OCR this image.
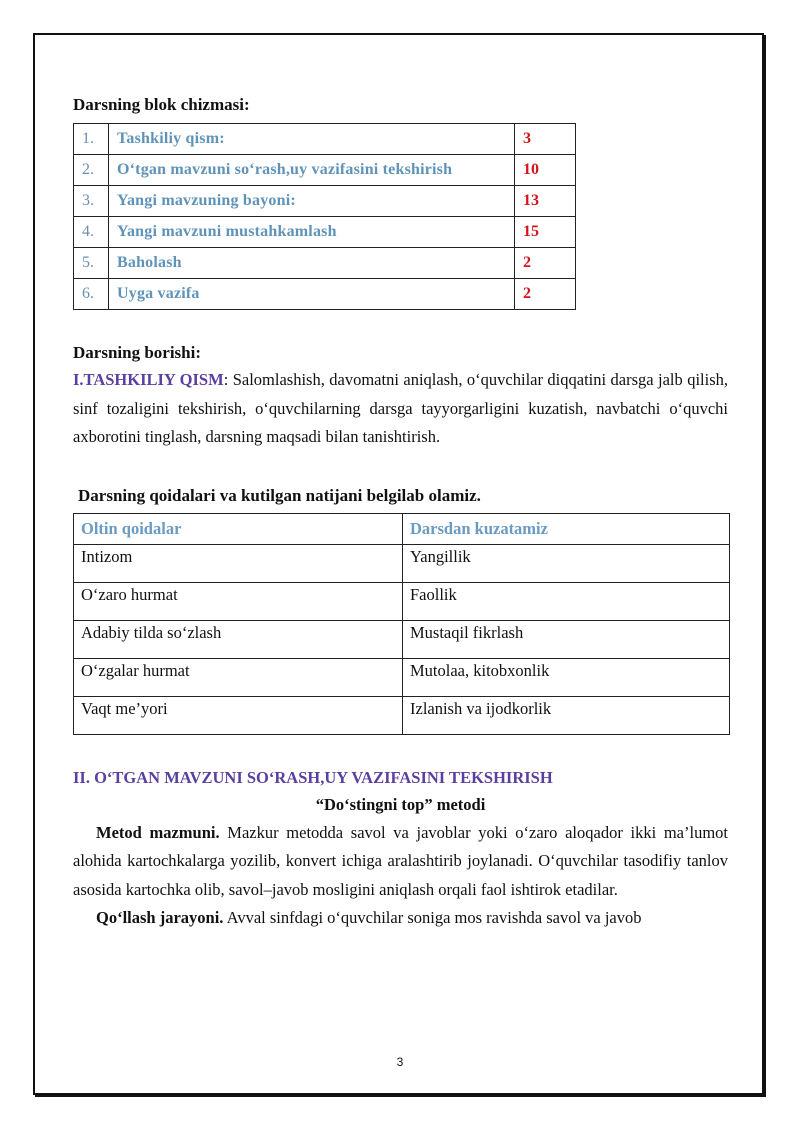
Darsning blok chizmasi:
1.	Tashkiliy qism:	3
2.	O‘tgan mavzuni so‘rash,uy vazifasini tekshirish	10
3.	Yangi mavzuning bayoni:	13
4.	Yangi mavzuni mustahkamlash	15
5.	Baholash	2
6.	Uyga vazifa	2
Darsning borishi:
I.TASHKILIY QISM: Salomlashish, davomatni aniqlash, o‘quvchilar diqqatini darsga jalb qilish, sinf tozaligini tekshirish, o‘quvchilarning darsga tayyorgarligini kuzatish, navbatchi o‘quvchi axborotini tinglash, darsning maqsadi bilan tanishtirish.
Darsning qoidalari va kutilgan natijani belgilab olamiz.
Oltin qoidalar	Darsdan kuzatamiz
Intizom	Yangillik
O‘zaro hurmat	Faollik
Adabiy tilda so‘zlash	Mustaqil fikrlash
O‘zgalar hurmat	Mutolaa, kitobxonlik
Vaqt me’yori	Izlanish va ijodkorlik
II. O‘TGAN MAVZUNI SO‘RASH,UY VAZIFASINI TEKSHIRISH
“Do‘stingni top” metodi
Metod mazmuni. Mazkur metodda savol va javoblar yoki o‘zaro aloqador ikki ma’lumot alohida kartochkalarga yozilib, konvert ichiga aralashtirib joylanadi. O‘quvchilar tasodifiy tanlov asosida kartochka olib, savol–javob mosligini aniqlash orqali faol ishtirok etadilar.
Qo‘llash jarayoni. Avval sinfdagi o‘quvchilar soniga mos ravishda savol va javob
3
